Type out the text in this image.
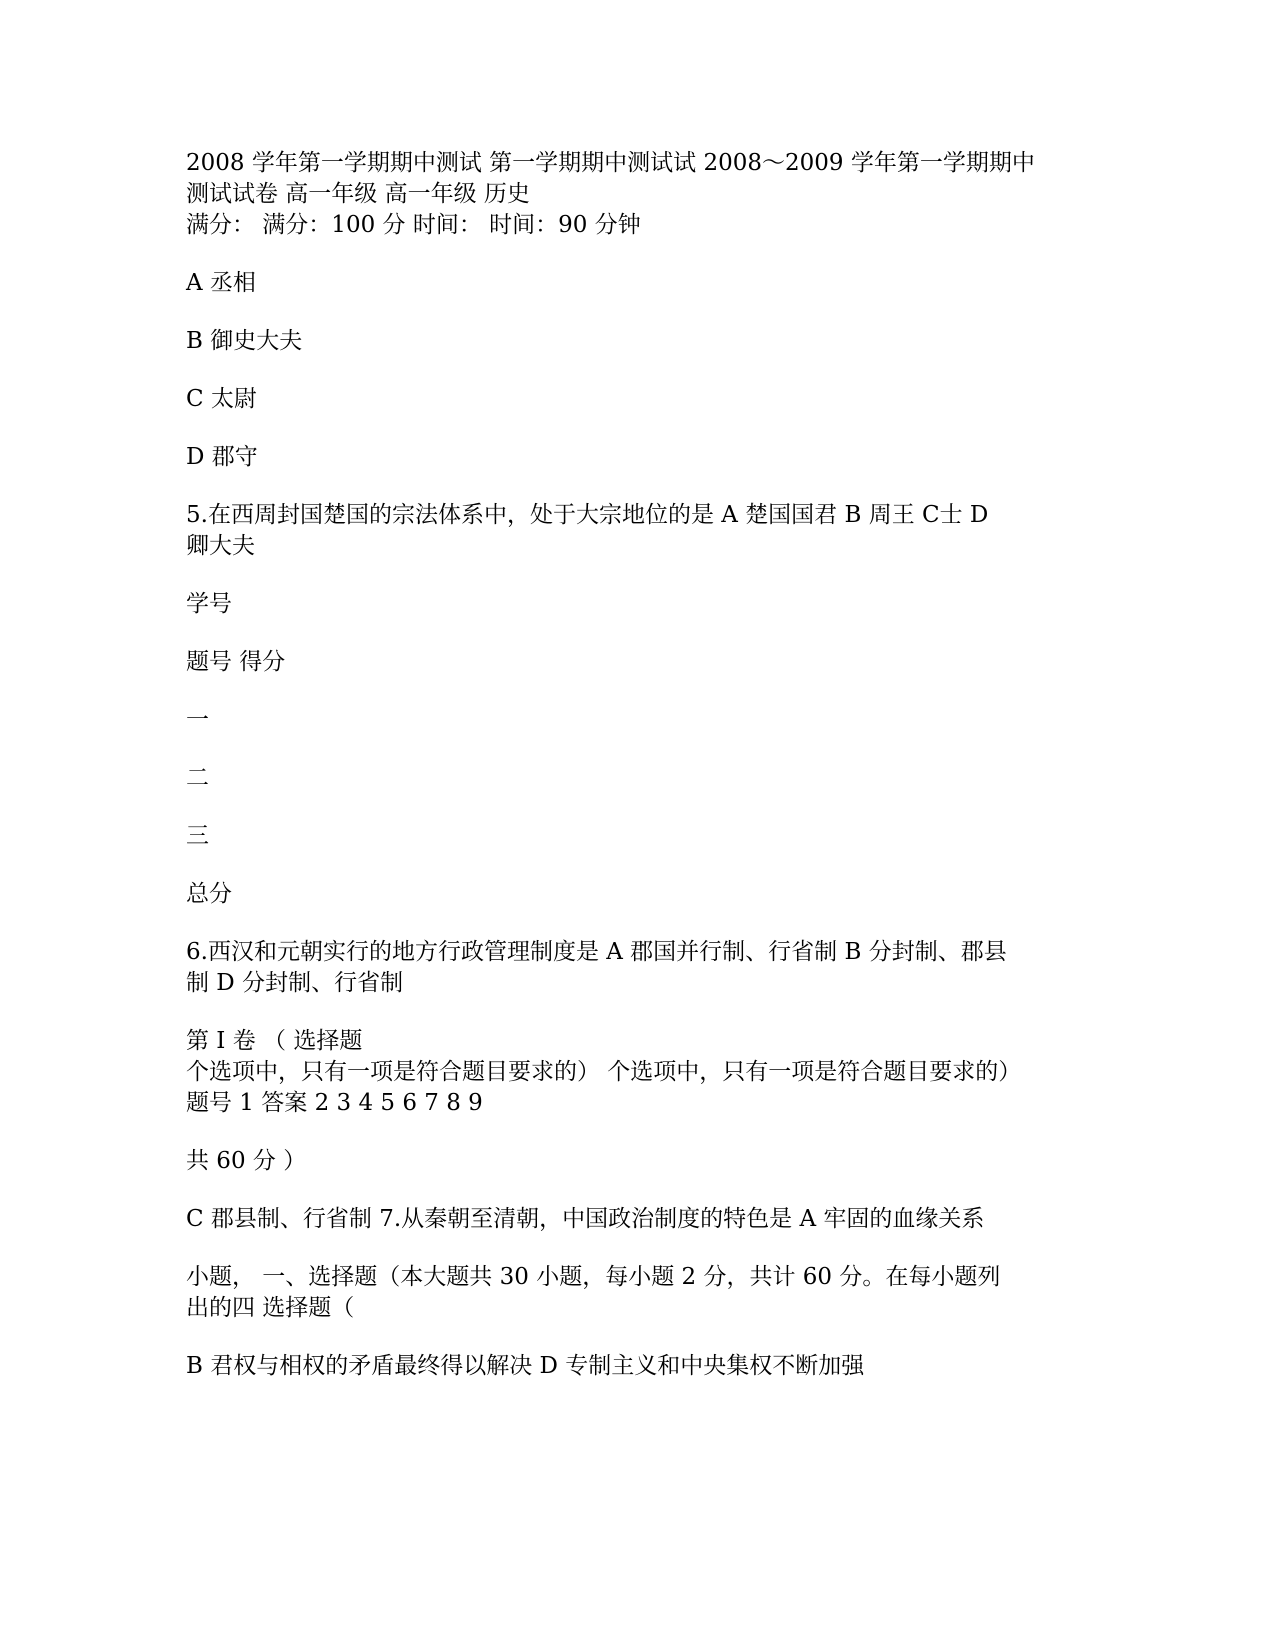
2008 学年第一学期期中测试 第一学期期中测试试 2008～2009 学年第一学期期中
测试试卷 高一年级 高一年级 历史
满分： 满分：100 分 时间： 时间：90 分钟
A 丞相
B 御史大夫
C 太尉
D 郡守
5.在西周封国楚国的宗法体系中，处于大宗地位的是 A 楚国国君 B 周王 C士 D
卿大夫
学号
题号 得分
一
二
三
总分
6.西汉和元朝实行的地方行政管理制度是 A 郡国并行制、行省制 B 分封制、郡县
制 D 分封制、行省制
第 I 卷 （ 选择题
个选项中，只有一项是符合题目要求的） 个选项中，只有一项是符合题目要求的）
题号 1 答案 2 3 4 5 6 7 8 9
共 60 分 ）
C 郡县制、行省制 7.从秦朝至清朝，中国政治制度的特色是 A 牢固的血缘关系
小题， 一、选择题（本大题共 30 小题，每小题 2 分，共计 60 分。在每小题列
出的四 选择题（
B 君权与相权的矛盾最终得以解决 D 专制主义和中央集权不断加强
